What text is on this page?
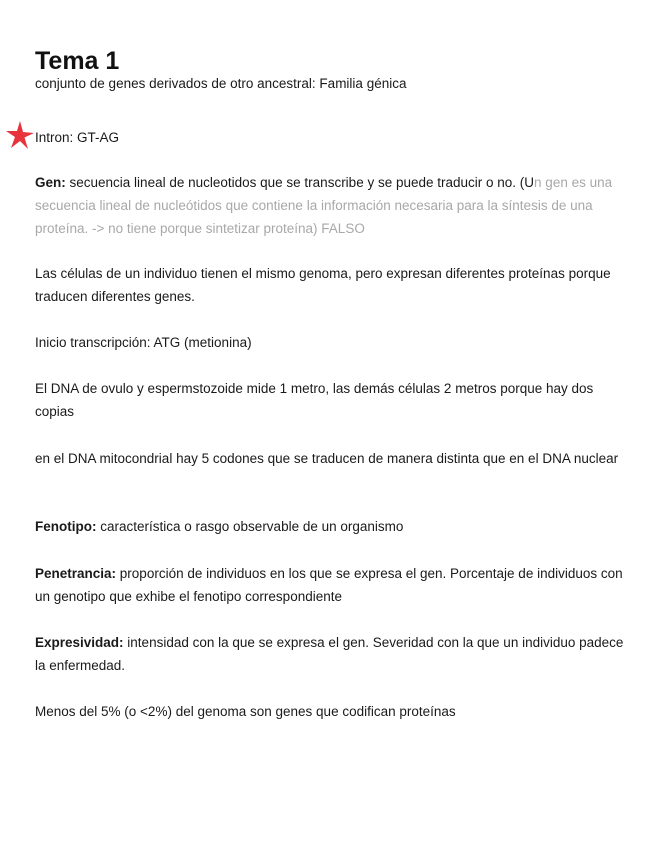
Tema 1

conjunto de genes derivados de otro ancestral: Familia génica

Intron: GT-AG

Gen: secuencia lineal de nucleotidos que se transcribe y se puede traducir o no. (Un gen es una secuencia lineal de nucleótidos que contiene la información necesaria para la síntesis de una proteína. -> no tiene porque sintetizar proteína) FALSO

Las células de un individuo tienen el mismo genoma, pero expresan diferentes proteínas porque traducen diferentes genes.

Inicio transcripción: ATG (metionina)

El DNA de ovulo y espermstozoide mide 1 metro, las demás células 2 metros porque hay dos copias

en el DNA mitocondrial hay 5 codones que se traducen de manera distinta que en el DNA nuclear

Fenotipo: característica o rasgo observable de un organismo

Penetrancia: proporción de individuos en los que se expresa el gen. Porcentaje de individuos con un genotipo que exhibe el fenotipo correspondiente

Expresividad: intensidad con la que se expresa el gen. Severidad con la que un individuo padece la enfermedad.

Menos del 5% (o <2%) del genoma son genes que codifican proteínas
